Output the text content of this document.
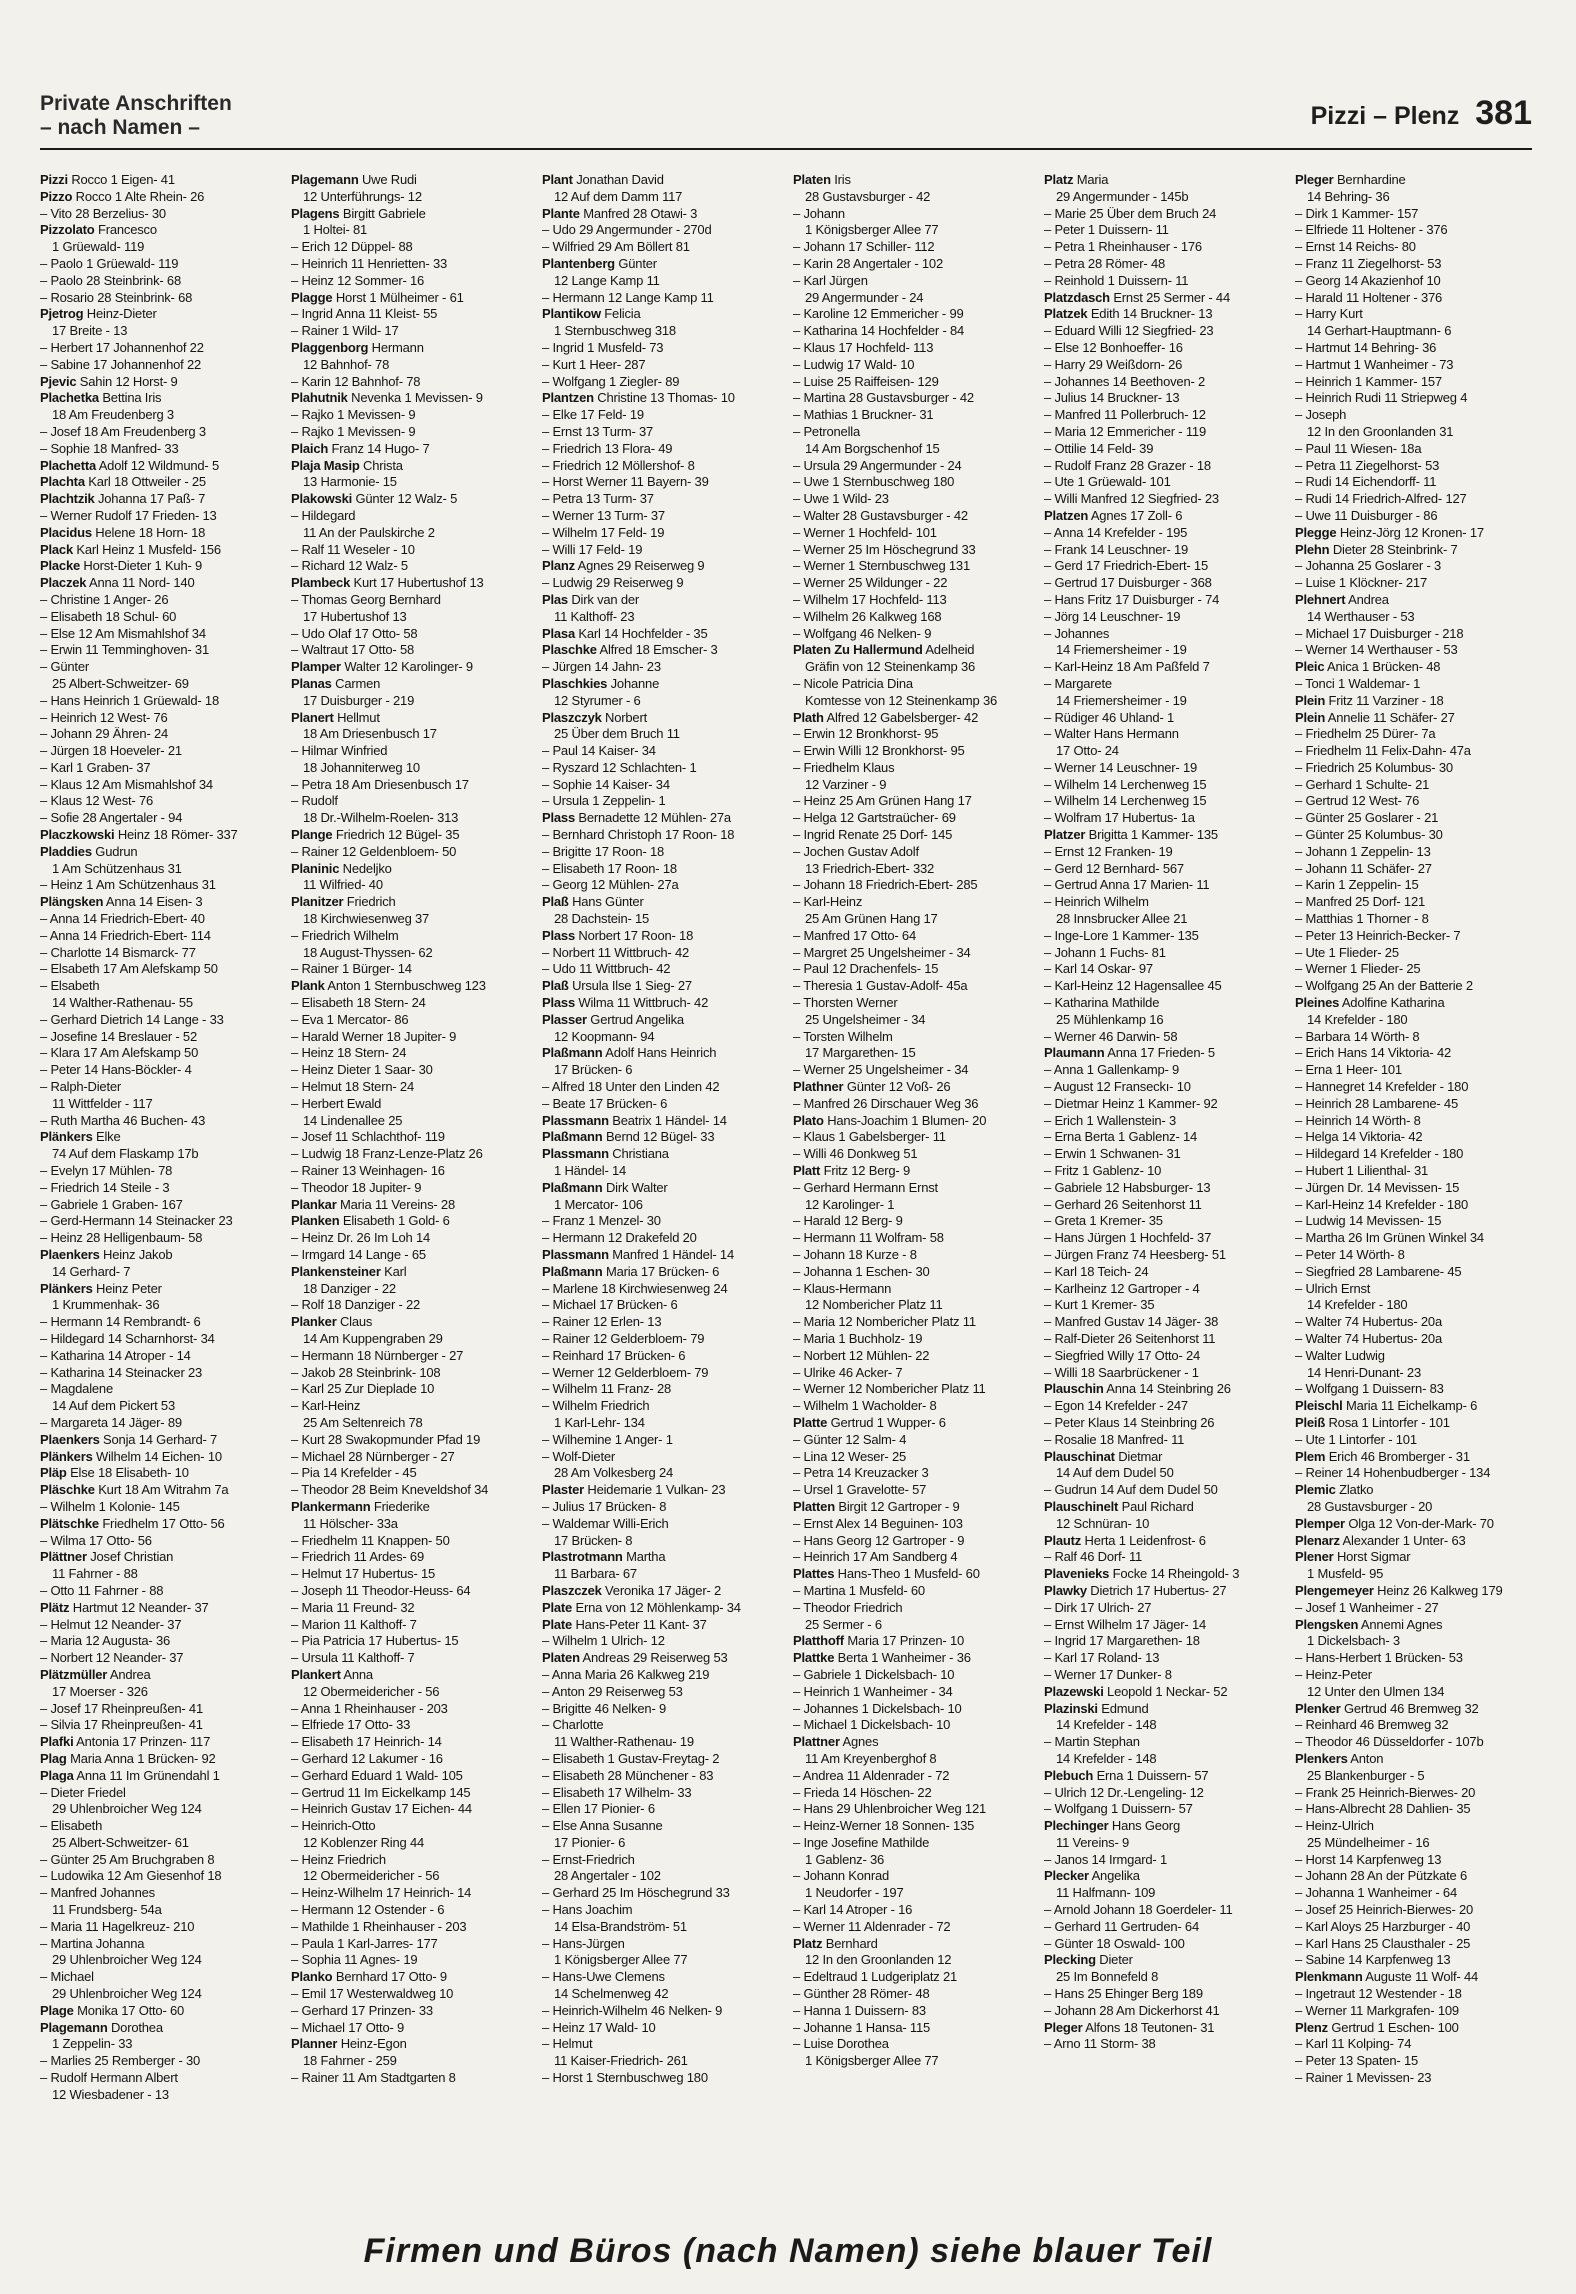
Private Anschriften
– nach Namen –	Pizzi – Plenz 381
Pizzi Rocco 1 Eigen- 41
Pizzo Rocco 1 Alte Rhein- 26
– Vito 28 Berzelius- 30
Pizzolato Francesco
1 Grüewald- 119
– Paolo 1 Grüewald- 119
– Paolo 28 Steinbrink- 68
– Rosario 28 Steinbrink- 68
Pjetrog Heinz-Dieter
17 Breite - 13
– Herbert 17 Johannenhof 22
– Sabine 17 Johannenhof 22
Pjevic Sahin 12 Horst- 9
Plachetka Bettina Iris
18 Am Freudenberg 3
– Josef 18 Am Freudenberg 3
– Sophie 18 Manfred- 33
Plachetta Adolf 12 Wildmund- 5
Plachta Karl 18 Ottweiler - 25
Plachtzik Johanna 17 Paß- 7
– Werner Rudolf 17 Frieden- 13
Placidus Helene 18 Horn- 18
Plack Karl Heinz 1 Musfeld- 156
Placke Horst-Dieter 1 Kuh- 9
Placzek Anna 11 Nord- 140
– Christine 1 Anger- 26
– Elisabeth 18 Schul- 60
– Else 12 Am Mismahlshof 34
– Erwin 11 Temminghoven- 31
– Günter
25 Albert-Schweitzer- 69
– Hans Heinrich 1 Grüewald- 18
– Heinrich 12 West- 76
– Johann 29 Ähren- 24
– Jürgen 18 Hoeveler- 21
– Karl 1 Graben- 37
– Klaus 12 Am Mismahlshof 34
– Klaus 12 West- 76
– Sofie 28 Angertaler - 94
Placzkowski Heinz 18 Römer- 337
Pladdies Gudrun
1 Am Schützenhaus 31
– Heinz 1 Am Schützenhaus 31
Plängsken Anna 14 Eisen- 3
– Anna 14 Friedrich-Ebert- 40
– Anna 14 Friedrich-Ebert- 114
– Charlotte 14 Bismarck- 77
– Elsabeth 17 Am Alefskamp 50
– Elsabeth
14 Walther-Rathenau- 55
– Gerhard Dietrich 14 Lange - 33
– Josefine 14 Breslauer - 52
– Klara 17 Am Alefskamp 50
– Peter 14 Hans-Böckler- 4
– Ralph-Dieter
11 Wittfelder - 117
– Ruth Martha 46 Buchen- 43
Plänkers Elke
74 Auf dem Flaskamp 17b
– Evelyn 17 Mühlen- 78
– Friedrich 14 Steile - 3
– Gabriele 1 Graben- 167
– Gerd-Hermann 14 Steinacker 23
– Heinz 28 Helligenbaum- 58
Plaenkers Heinz Jakob
14 Gerhard- 7
Plänkers Heinz Peter
1 Krummenhak- 36
– Hermann 14 Rembrandt- 6
– Hildegard 14 Scharnhorst- 34
– Katharina 14 Atroper - 14
– Katharina 14 Steinacker 23
– Magdalene
14 Auf dem Pickert 53
– Margareta 14 Jäger- 89
Plaenkers Sonja 14 Gerhard- 7
Plänkers Wilhelm 14 Eichen- 10
Pläp Else 18 Elisabeth- 10
Pläschke Kurt 18 Am Witrahm 7a
– Wilhelm 1 Kolonie- 145
Plätschke Friedhelm 17 Otto- 56
– Wilma 17 Otto- 56
Plättner Josef Christian
11 Fahrner - 88
– Otto 11 Fahrner - 88
Plätz Hartmut 12 Neander- 37
– Helmut 12 Neander- 37
– Maria 12 Augusta- 36
– Norbert 12 Neander- 37
Plätzmüller Andrea
17 Moerser - 326
– Josef 17 Rheinpreußen- 41
– Silvia 17 Rheinpreußen- 41
Plafki Antonia 17 Prinzen- 117
Plag Maria Anna 1 Brücken- 92
Plaga Anna 11 Im Grünendahl 1
– Dieter Friedel
29 Uhlenbroicher Weg 124
– Elisabeth
25 Albert-Schweitzer- 61
– Günter 25 Am Bruchgraben 8
– Ludowika 12 Am Giesenhof 18
– Manfred Johannes
11 Frundsberg- 54a
– Maria 11 Hagelkreuz- 210
– Martina Johanna
29 Uhlenbroicher Weg 124
– Michael
29 Uhlenbroicher Weg 124
Plage Monika 17 Otto- 60
Plagemann Dorothea
1 Zeppelin- 33
– Marlies 25 Remberger - 30
– Rudolf Hermann Albert
12 Wiesbadener - 13
Plagemann Uwe Rudi
12 Unterführungs- 12
Plagens Birgitt Gabriele
1 Holtei- 81
– Erich 12 Düppel- 88
– Heinrich 11 Henrietten- 33
– Heinz 12 Sommer- 16
Plagge Horst 1 Mülheimer - 61
– Ingrid Anna 11 Kleist- 55
– Rainer 1 Wild- 17
Plaggenborg Hermann
12 Bahnhof- 78
– Karin 12 Bahnhof- 78
Plahutnik Nevenka 1 Mevissen- 9
– Rajko 1 Mevissen- 9
– Rajko 1 Mevissen- 9
Plaich Franz 14 Hugo- 7
Plaja Masip Christa
13 Harmonie- 15
Plakowski Günter 12 Walz- 5
– Hildegard
11 An der Paulskirche 2
– Ralf 11 Weseler - 10
– Richard 12 Walz- 5
Plambeck Kurt 17 Hubertushof 13
– Thomas Georg Bernhard
17 Hubertushof 13
– Udo Olaf 17 Otto- 58
– Waltraut 17 Otto- 58
Plamper Walter 12 Karolinger- 9
Planas Carmen
17 Duisburger - 219
Planert Hellmut
18 Am Driesenbusch 17
– Hilmar Winfried
18 Johanniterweg 10
– Petra 18 Am Driesenbusch 17
– Rudolf
18 Dr.-Wilhelm-Roelen- 313
Plange Friedrich 12 Bügel- 35
– Rainer 12 Geldenbloem- 50
Planinic Nedeljko
11 Wilfried- 40
Planitzer Friedrich
18 Kirchwiesenweg 37
– Friedrich Wilhelm
18 August-Thyssen- 62
– Rainer 1 Bürger- 14
Plank Anton 1 Sternbuschweg 123
– Elisabeth 18 Stern- 24
– Eva 1 Mercator- 86
– Harald Werner 18 Jupiter- 9
– Heinz 18 Stern- 24
– Heinz Dieter 1 Saar- 30
– Helmut 18 Stern- 24
– Herbert Ewald
14 Lindenallee 25
– Josef 11 Schlachthof- 119
– Ludwig 18 Franz-Lenze-Platz 26
– Rainer 13 Weinhagen- 16
– Theodor 18 Jupiter- 9
Plankar Maria 11 Vereins- 28
Planken Elisabeth 1 Gold- 6
– Heinz Dr. 26 Im Loh 14
– Irmgard 14 Lange - 65
Plankensteiner Karl
18 Danziger - 22
– Rolf 18 Danziger - 22
Planker Claus
14 Am Kuppengraben 29
– Hermann 18 Nürnberger - 27
– Jakob 28 Steinbrink- 108
– Karl 25 Zur Dieplade 10
– Karl-Heinz
25 Am Seltenreich 78
– Kurt 28 Swakopmunder Pfad 19
– Michael 28 Nürnberger - 27
– Pia 14 Krefelder - 45
– Theodor 28 Beim Kneveldshof 34
Plankermann Friederike
11 Hölscher- 33a
– Friedhelm 11 Knappen- 50
– Friedrich 11 Ardes- 69
– Helmut 17 Hubertus- 15
– Joseph 11 Theodor-Heuss- 64
– Maria 11 Freund- 32
– Marion 11 Kalthoff- 7
– Pia Patricia 17 Hubertus- 15
– Ursula 11 Kalthoff- 7
Plankert Anna
12 Obermeidericher - 56
– Anna 1 Rheinhauser - 203
– Elfriede 17 Otto- 33
– Elisabeth 17 Heinrich- 14
– Gerhard 12 Lakumer - 16
– Gerhard Eduard 1 Wald- 105
– Gertrud 11 Im Eickelkamp 145
– Heinrich Gustav 17 Eichen- 44
– Heinrich-Otto
12 Koblenzer Ring 44
– Heinz Friedrich
12 Obermeidericher - 56
– Heinz-Wilhelm 17 Heinrich- 14
– Hermann 12 Ostender - 6
– Mathilde 1 Rheinhauser - 203
– Paula 1 Karl-Jarres- 177
– Sophia 11 Agnes- 19
Planko Bernhard 17 Otto- 9
– Emil 17 Westerwaldweg 10
– Gerhard 17 Prinzen- 33
– Michael 17 Otto- 9
Planner Heinz-Egon
18 Fahrner - 259
– Rainer 11 Am Stadtgarten 8
Plant Jonathan David
12 Auf dem Damm 117
Plante Manfred 28 Otawi- 3
– Udo 29 Angermunder - 270d
– Wilfried 29 Am Böllert 81
Plantenberg Günter
12 Lange Kamp 11
– Hermann 12 Lange Kamp 11
Plantikow Felicia
1 Sternbuschweg 318
– Ingrid 1 Musfeld- 73
– Kurt 1 Heer- 287
– Wolfgang 1 Ziegler- 89
Plantzen Christine 13 Thomas- 10
– Elke 17 Feld- 19
– Ernst 13 Turm- 37
– Friedrich 13 Flora- 49
– Friedrich 12 Möllershof- 8
– Horst Werner 11 Bayern- 39
– Petra 13 Turm- 37
– Werner 13 Turm- 37
– Wilhelm 17 Feld- 19
– Willi 17 Feld- 19
Planz Agnes 29 Reiserweg 9
– Ludwig 29 Reiserweg 9
Plas Dirk van der
11 Kalthoff- 23
Plasa Karl 14 Hochfelder - 35
Plaschke Alfred 18 Emscher- 3
– Jürgen 14 Jahn- 23
Plaschkies Johanne
12 Styrumer - 6
Plaszczyk Norbert
25 Über dem Bruch 11
– Paul 14 Kaiser- 34
– Ryszard 12 Schlachten- 1
– Sophie 14 Kaiser- 34
– Ursula 1 Zeppelin- 1
Plass Bernadette 12 Mühlen- 27a
– Bernhard Christoph 17 Roon- 18
– Brigitte 17 Roon- 18
– Elisabeth 17 Roon- 18
– Georg 12 Mühlen- 27a
Plaß Hans Günter
28 Dachstein- 15
Plass Norbert 17 Roon- 18
– Norbert 11 Wittbruch- 42
– Udo 11 Wittbruch- 42
Plaß Ursula Ilse 1 Sieg- 27
Plass Wilma 11 Wittbruch- 42
Plasser Gertrud Angelika
12 Koopmann- 94
Plaßmann Adolf Hans Heinrich
17 Brücken- 6
– Alfred 18 Unter den Linden 42
– Beate 17 Brücken- 6
Plassmann Beatrix 1 Händel- 14
Plaßmann Bernd 12 Bügel- 33
Plassmann Christiana
1 Händel- 14
Plaßmann Dirk Walter
1 Mercator- 106
– Franz 1 Menzel- 30
– Hermann 12 Drakefeld 20
Plassmann Manfred 1 Händel- 14
Plaßmann Maria 17 Brücken- 6
– Marlene 18 Kirchwiesenweg 24
– Michael 17 Brücken- 6
– Rainer 12 Erlen- 13
– Rainer 12 Gelderbloem- 79
– Reinhard 17 Brücken- 6
– Werner 12 Gelderbloem- 79
– Wilhelm 11 Franz- 28
– Wilhelm Friedrich
1 Karl-Lehr- 134
– Wilhemine 1 Anger- 1
– Wolf-Dieter
28 Am Volkesberg 24
Plaster Heidemarie 1 Vulkan- 23
– Julius 17 Brücken- 8
– Waldemar Willi-Erich
17 Brücken- 8
Plastrotmann Martha
11 Barbara- 67
Plaszczek Veronika 17 Jäger- 2
Plate Erna von 12 Möhlenkamp- 34
Plate Hans-Peter 11 Kant- 37
– Wilhelm 1 Ulrich- 12
Platen Andreas 29 Reiserweg 53
– Anna Maria 26 Kalkweg 219
– Anton 29 Reiserweg 53
– Brigitte 46 Nelken- 9
– Charlotte
11 Walther-Rathenau- 19
– Elisabeth 1 Gustav-Freytag- 2
– Elisabeth 28 Münchener - 83
– Elisabeth 17 Wilhelm- 33
– Ellen 17 Pionier- 6
– Else Anna Susanne
17 Pionier- 6
– Ernst-Friedrich
28 Angertaler - 102
– Gerhard 25 Im Höschegrund 33
– Hans Joachim
14 Elsa-Brandström- 51
– Hans-Jürgen
1 Königsberger Allee 77
– Hans-Uwe Clemens
14 Schelmenweg 42
– Heinrich-Wilhelm 46 Nelken- 9
– Heinz 17 Wald- 10
– Helmut
11 Kaiser-Friedrich- 261
– Horst 1 Sternbuschweg 180
Platen Iris
28 Gustavsburger - 42
– Johann
1 Königsberger Allee 77
– Johann 17 Schiller- 112
– Karin 28 Angertaler - 102
– Karl Jürgen
29 Angermunder - 24
– Karoline 12 Emmericher - 99
– Katharina 14 Hochfelder - 84
– Klaus 17 Hochfeld- 113
– Ludwig 17 Wald- 10
– Luise 25 Raiffeisen- 129
– Martina 28 Gustavsburger - 42
– Mathias 1 Bruckner- 31
– Petronella
14 Am Borgschenhof 15
– Ursula 29 Angermunder - 24
– Uwe 1 Sternbuschweg 180
– Uwe 1 Wild- 23
– Walter 28 Gustavsburger - 42
– Werner 1 Hochfeld- 101
– Werner 25 Im Höschegrund 33
– Werner 1 Sternbuschweg 131
– Werner 25 Wildunger - 22
– Wilhelm 17 Hochfeld- 113
– Wilhelm 26 Kalkweg 168
– Wolfgang 46 Nelken- 9
Platen Zu Hallermund Adelheid
Gräfin von 12 Steinenkamp 36
– Nicole Patricia Dina
Komtesse von 12 Steinenkamp 36
Plath Alfred 12 Gabelsberger- 42
– Erwin 12 Bronkhorst- 95
– Erwin Willi 12 Bronkhorst- 95
– Friedhelm Klaus
12 Varziner - 9
– Heinz 25 Am Grünen Hang 17
– Helga 12 Gartstraücher- 69
– Ingrid Renate 25 Dorf- 145
– Jochen Gustav Adolf
13 Friedrich-Ebert- 332
– Johann 18 Friedrich-Ebert- 285
– Karl-Heinz
25 Am Grünen Hang 17
– Manfred 17 Otto- 64
– Margret 25 Ungelsheimer - 34
– Paul 12 Drachenfels- 15
– Theresia 1 Gustav-Adolf- 45a
– Thorsten Werner
25 Ungelsheimer - 34
– Torsten Wilhelm
17 Margarethen- 15
– Werner 25 Ungelsheimer - 34
Plathner Günter 12 Voß- 26
– Manfred 26 Dirschauer Weg 36
Plato Hans-Joachim 1 Blumen- 20
– Klaus 1 Gabelsberger- 11
– Willi 46 Donkweg 51
Platt Fritz 12 Berg- 9
– Gerhard Hermann Ernst
12 Karolinger- 1
– Harald 12 Berg- 9
– Hermann 11 Wolfram- 58
– Johann 18 Kurze - 8
– Johanna 1 Eschen- 30
– Klaus-Hermann
12 Nombericher Platz 11
– Maria 12 Nombericher Platz 11
– Maria 1 Buchholz- 19
– Norbert 12 Mühlen- 22
– Ulrike 46 Acker- 7
– Werner 12 Nombericher Platz 11
– Wilhelm 1 Wacholder- 8
Platte Gertrud 1 Wupper- 6
– Günter 12 Salm- 4
– Lina 12 Weser- 25
– Petra 14 Kreuzacker 3
– Ursel 1 Gravelotte- 57
Platten Birgit 12 Gartroper - 9
– Ernst Alex 14 Beguinen- 103
– Hans Georg 12 Gartroper - 9
– Heinrich 17 Am Sandberg 4
Plattes Hans-Theo 1 Musfeld- 60
– Martina 1 Musfeld- 60
– Theodor Friedrich
25 Sermer - 6
Platthoff Maria 17 Prinzen- 10
Plattke Berta 1 Wanheimer - 36
– Gabriele 1 Dickelsbach- 10
– Heinrich 1 Wanheimer - 34
– Johannes 1 Dickelsbach- 10
– Michael 1 Dickelsbach- 10
Plattner Agnes
11 Am Kreyenberghof 8
– Andrea 11 Aldenrader - 72
– Frieda 14 Höschen- 22
– Hans 29 Uhlenbroicher Weg 121
– Heinz-Werner 18 Sonnen- 135
– Inge Josefine Mathilde
1 Gablenz- 36
– Johann Konrad
1 Neudorfer - 197
– Karl 14 Atroper - 16
– Werner 11 Aldenrader - 72
Platz Bernhard
12 In den Groonlanden 12
– Edeltraud 1 Ludgeriplatz 21
– Günther 28 Römer- 48
– Hanna 1 Duissern- 83
– Johanne 1 Hansa- 115
– Luise Dorothea
1 Königsberger Allee 77
Platz Maria
29 Angermunder - 145b
– Marie 25 Über dem Bruch 24
– Peter 1 Duissern- 11
– Petra 1 Rheinhauser - 176
– Petra 28 Römer- 48
– Reinhold 1 Duissern- 11
Platzdasch Ernst 25 Sermer - 44
Platzek Edith 14 Bruckner- 13
– Eduard Willi 12 Siegfried- 23
– Else 12 Bonhoeffer- 16
– Harry 29 Weißdorn- 26
– Johannes 14 Beethoven- 2
– Julius 14 Bruckner- 13
– Manfred 11 Pollerbruch- 12
– Maria 12 Emmericher - 119
– Ottilie 14 Feld- 39
– Rudolf Franz 28 Grazer - 18
– Ute 1 Grüewald- 101
– Willi Manfred 12 Siegfried- 23
Platzen Agnes 17 Zoll- 6
– Anna 14 Krefelder - 195
– Frank 14 Leuschner- 19
– Gerd 17 Friedrich-Ebert- 15
– Gertrud 17 Duisburger - 368
– Hans Fritz 17 Duisburger - 74
– Jörg 14 Leuschner- 19
– Johannes
14 Friemersheimer - 19
– Karl-Heinz 18 Am Paßfeld 7
– Margarete
14 Friemersheimer - 19
– Rüdiger 46 Uhland- 1
– Walter Hans Hermann
17 Otto- 24
– Werner 14 Leuschner- 19
– Wilhelm 14 Lerchenweg 15
– Wilhelm 14 Lerchenweg 15
– Wolfram 17 Hubertus- 1a
Platzer Brigitta 1 Kammer- 135
– Ernst 12 Franken- 19
– Gerd 12 Bernhard- 567
– Gertrud Anna 17 Marien- 11
– Heinrich Wilhelm
28 Innsbrucker Allee 21
– Inge-Lore 1 Kammer- 135
– Johann 1 Fuchs- 81
– Karl 14 Oskar- 97
– Karl-Heinz 12 Hagensallee 45
– Katharina Mathilde
25 Mühlenkamp 16
– Werner 46 Darwin- 58
Plaumann Anna 17 Frieden- 5
– Anna 1 Gallenkamp- 9
– August 12 Franseckı- 10
– Dietmar Heinz 1 Kammer- 92
– Erich 1 Wallenstein- 3
– Erna Berta 1 Gablenz- 14
– Erwin 1 Schwanen- 31
– Fritz 1 Gablenz- 10
– Gabriele 12 Habsburger- 13
– Gerhard 26 Seitenhorst 11
– Greta 1 Kremer- 35
– Hans Jürgen 1 Hochfeld- 37
– Jürgen Franz 74 Heesberg- 51
– Karl 18 Teich- 24
– Karlheinz 12 Gartroper - 4
– Kurt 1 Kremer- 35
– Manfred Gustav 14 Jäger- 38
– Ralf-Dieter 26 Seitenhorst 11
– Siegfried Willy 17 Otto- 24
– Willi 18 Saarbrückener - 1
Plauschin Anna 14 Steinbring 26
– Egon 14 Krefelder - 247
– Peter Klaus 14 Steinbring 26
– Rosalie 18 Manfred- 11
Plauschinat Dietmar
14 Auf dem Dudel 50
– Gudrun 14 Auf dem Dudel 50
Plauschinelt Paul Richard
12 Schnüran- 10
Plautz Herta 1 Leidenfrost- 6
– Ralf 46 Dorf- 11
Plavenieks Focke 14 Rheingold- 3
Plawky Dietrich 17 Hubertus- 27
– Dirk 17 Ulrich- 27
– Ernst Wilhelm 17 Jäger- 14
– Ingrid 17 Margarethen- 18
– Karl 17 Roland- 13
– Werner 17 Dunker- 8
Plazewski Leopold 1 Neckar- 52
Plazinski Edmund
14 Krefelder - 148
– Martin Stephan
14 Krefelder - 148
Plebuch Erna 1 Duissern- 57
– Ulrich 12 Dr.-Lengeling- 12
– Wolfgang 1 Duissern- 57
Plechinger Hans Georg
11 Vereins- 9
– Janos 14 Irmgard- 1
Plecker Angelika
11 Halfmann- 109
– Arnold Johann 18 Goerdeler- 11
– Gerhard 11 Gertruden- 64
– Günter 18 Oswald- 100
Plecking Dieter
25 Im Bonnefeld 8
– Hans 25 Ehinger Berg 189
– Johann 28 Am Dickerhorst 41
Pleger Alfons 18 Teutonen- 31
– Arno 11 Storm- 38
Pleger Bernhardine
14 Behring- 36
– Dirk 1 Kammer- 157
– Elfriede 11 Holtener - 376
– Ernst 14 Reichs- 80
– Franz 11 Ziegelhorst- 53
– Georg 14 Akazienhof 10
– Harald 11 Holtener - 376
– Harry Kurt
14 Gerhart-Hauptmann- 6
– Hartmut 14 Behring- 36
– Hartmut 1 Wanheimer - 73
– Heinrich 1 Kammer- 157
– Heinrich Rudi 11 Striepweg 4
– Joseph
12 In den Groonlanden 31
– Paul 11 Wiesen- 18a
– Petra 11 Ziegelhorst- 53
– Rudi 14 Eichendorff- 11
– Rudi 14 Friedrich-Alfred- 127
– Uwe 11 Duisburger - 86
Plegge Heinz-Jörg 12 Kronen- 17
Plehn Dieter 28 Steinbrink- 7
– Johanna 25 Goslarer - 3
– Luise 1 Klöckner- 217
Plehnert Andrea
14 Werthauser - 53
– Michael 17 Duisburger - 218
– Werner 14 Werthauser - 53
Pleic Anica 1 Brücken- 48
– Tonci 1 Waldemar- 1
Plein Fritz 11 Varziner - 18
Plein Annelie 11 Schäfer- 27
– Friedhelm 25 Dürer- 7a
– Friedhelm 11 Felix-Dahn- 47a
– Friedrich 25 Kolumbus- 30
– Gerhard 1 Schulte- 21
– Gertrud 12 West- 76
– Günter 25 Goslarer - 21
– Günter 25 Kolumbus- 30
– Johann 1 Zeppelin- 13
– Johann 11 Schäfer- 27
– Karin 1 Zeppelin- 15
– Manfred 25 Dorf- 121
– Matthias 1 Thorner - 8
– Peter 13 Heinrich-Becker- 7
– Ute 1 Flieder- 25
– Werner 1 Flieder- 25
– Wolfgang 25 An der Batterie 2
Pleines Adolfine Katharina
14 Krefelder - 180
– Barbara 14 Wörth- 8
– Erich Hans 14 Viktoria- 42
– Erna 1 Heer- 101
– Hannegret 14 Krefelder - 180
– Heinrich 28 Lambarene- 45
– Heinrich 14 Wörth- 8
– Helga 14 Viktoria- 42
– Hildegard 14 Krefelder - 180
– Hubert 1 Lilienthal- 31
– Jürgen Dr. 14 Mevissen- 15
– Karl-Heinz 14 Krefelder - 180
– Ludwig 14 Mevissen- 15
– Martha 26 Im Grünen Winkel 34
– Peter 14 Wörth- 8
– Siegfried 28 Lambarene- 45
– Ulrich Ernst
14 Krefelder - 180
– Walter 74 Hubertus- 20a
– Walter 74 Hubertus- 20a
– Walter Ludwig
14 Henri-Dunant- 23
– Wolfgang 1 Duissern- 83
Pleischl Maria 11 Eichelkamp- 6
Pleiß Rosa 1 Lintorfer - 101
– Ute 1 Lintorfer - 101
Plem Erich 46 Bromberger - 31
– Reiner 14 Hohenbudberger - 134
Plemic Zlatko
28 Gustavsburger - 20
Plemper Olga 12 Von-der-Mark- 70
Plenarz Alexander 1 Unter- 63
Plener Horst Sigmar
1 Musfeld- 95
Plengemeyer Heinz 26 Kalkweg 179
– Josef 1 Wanheimer - 27
Plengsken Annemi Agnes
1 Dickelsbach- 3
– Hans-Herbert 1 Brücken- 53
– Heinz-Peter
12 Unter den Ulmen 134
Plenker Gertrud 46 Bremweg 32
– Reinhard 46 Bremweg 32
– Theodor 46 Düsseldorfer - 107b
Plenkers Anton
25 Blankenburger - 5
– Frank 25 Heinrich-Bierwes- 20
– Hans-Albrecht 28 Dahlien- 35
– Heinz-Ulrich
25 Mündelheimer - 16
– Horst 14 Karpfenweg 13
– Johann 28 An der Pützkate 6
– Johanna 1 Wanheimer - 64
– Josef 25 Heinrich-Bierwes- 20
– Karl Aloys 25 Harzburger - 40
– Karl Hans 25 Clausthaler - 25
– Sabine 14 Karpfenweg 13
Plenkmann Auguste 11 Wolf- 44
– Ingetraut 12 Westender - 18
– Werner 11 Markgrafen- 109
Plenz Gertrud 1 Eschen- 100
– Karl 11 Kolping- 74
– Peter 13 Spaten- 15
– Rainer 1 Mevissen- 23
Firmen und Büros (nach Namen) siehe blauer Teil
